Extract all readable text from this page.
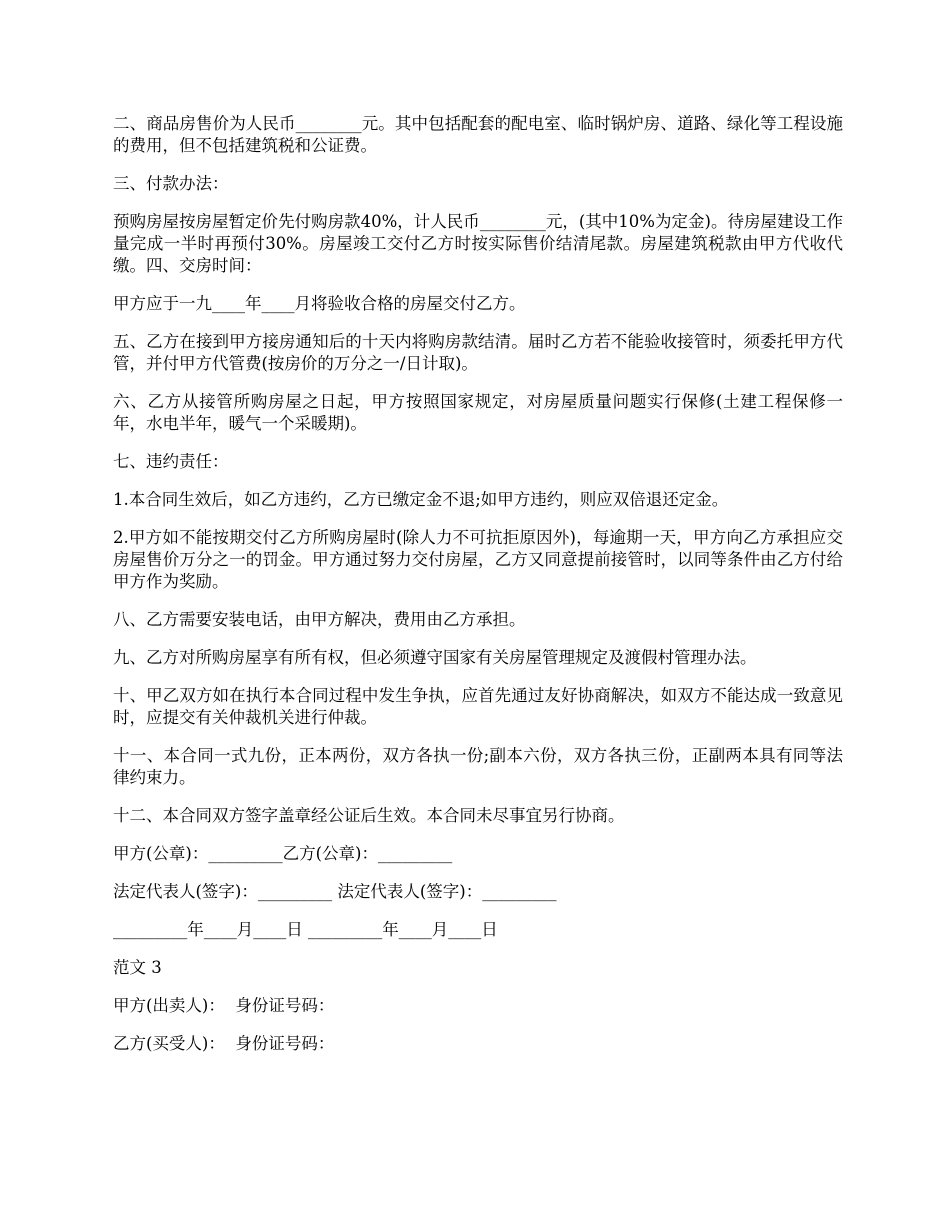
二、商品房售价为人民币________元。其中包括配套的配电室、临时锅炉房、道路、绿化等工程设施的费用，但不包括建筑税和公证费。

三、付款办法：

预购房屋按房屋暂定价先付购房款40%，计人民币________元，(其中10%为定金)。待房屋建设工作量完成一半时再预付30%。房屋竣工交付乙方时按实际售价结清尾款。房屋建筑税款由甲方代收代缴。四、交房时间：

甲方应于一九____年____月将验收合格的房屋交付乙方。

五、乙方在接到甲方接房通知后的十天内将购房款结清。届时乙方若不能验收接管时，须委托甲方代管，并付甲方代管费(按房价的万分之一/日计取)。

六、乙方从接管所购房屋之日起，甲方按照国家规定，对房屋质量问题实行保修(土建工程保修一年，水电半年，暖气一个采暖期)。

七、违约责任：

1.本合同生效后，如乙方违约，乙方已缴定金不退;如甲方违约，则应双倍退还定金。

2.甲方如不能按期交付乙方所购房屋时(除人力不可抗拒原因外)，每逾期一天，甲方向乙方承担应交房屋售价万分之一的罚金。甲方通过努力交付房屋，乙方又同意提前接管时，以同等条件由乙方付给甲方作为奖励。

八、乙方需要安装电话，由甲方解决，费用由乙方承担。

九、乙方对所购房屋享有所有权，但必须遵守国家有关房屋管理规定及渡假村管理办法。

十、甲乙双方如在执行本合同过程中发生争执，应首先通过友好协商解决，如双方不能达成一致意见时，应提交有关仲裁机关进行仲裁。

十一、本合同一式九份，正本两份，双方各执一份;副本六份，双方各执三份，正副两本具有同等法律约束力。

十二、本合同双方签字盖章经公证后生效。本合同未尽事宜另行协商。

甲方(公章)：_________乙方(公章)：_________

法定代表人(签字)：_________ 法定代表人(签字)：_________

_________年____月____日 _________年____月____日

范文 3

甲方(出卖人)：  身份证号码：

乙方(买受人)：  身份证号码：
